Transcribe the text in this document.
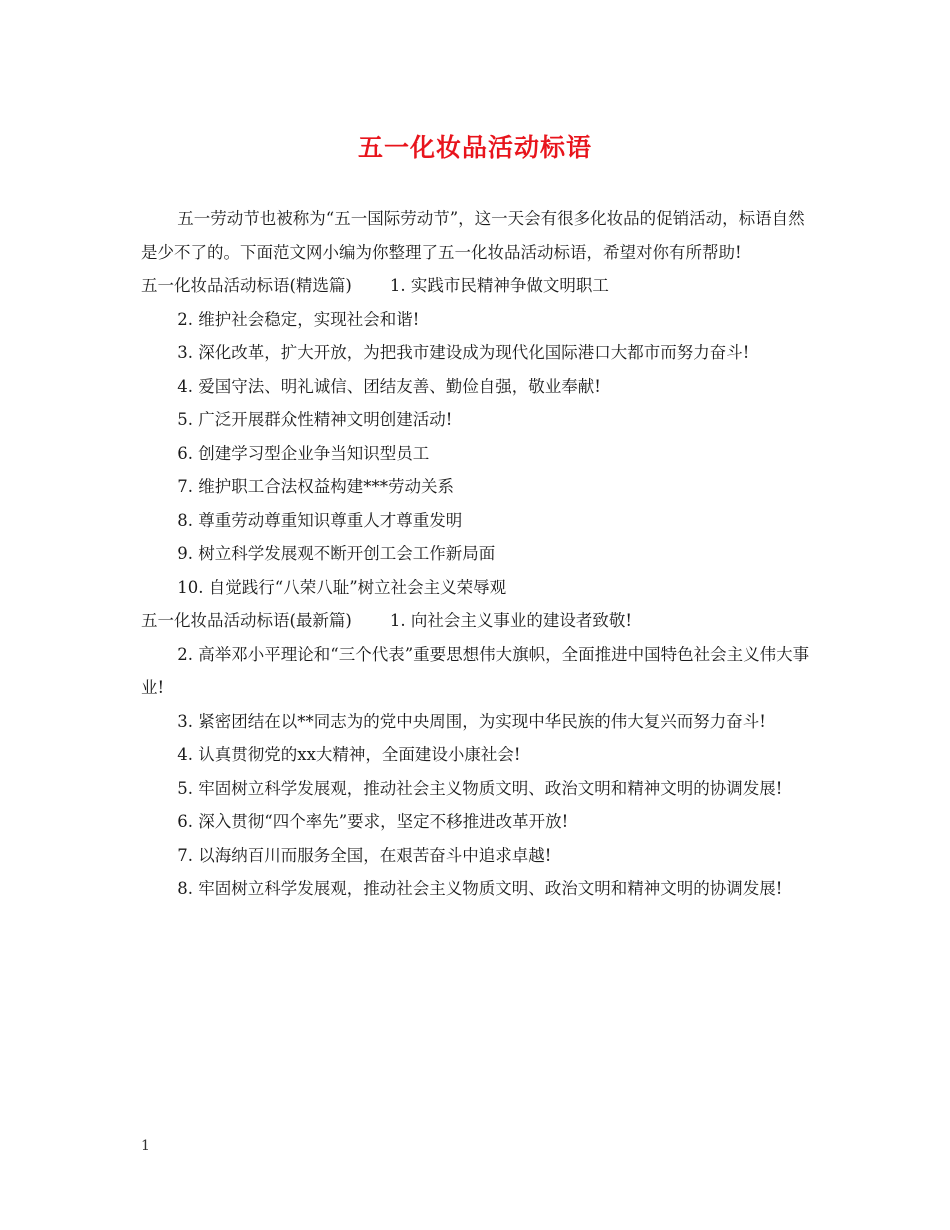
五一化妆品活动标语

五一劳动节也被称为“五一国际劳动节”，这一天会有很多化妆品的促销活动，标语自然是少不了的。下面范文网小编为你整理了五一化妆品活动标语，希望对你有所帮助!

五一化妆品活动标语(精选篇) 1. 实践市民精神争做文明职工

2. 维护社会稳定，实现社会和谐!

3. 深化改革，扩大开放，为把我市建设成为现代化国际港口大都市而努力奋斗!

4. 爱国守法、明礼诚信、团结友善、勤俭自强，敬业奉献!

5. 广泛开展群众性精神文明创建活动!

6. 创建学习型企业争当知识型员工

7. 维护职工合法权益构建***劳动关系

8. 尊重劳动尊重知识尊重人才尊重发明

9. 树立科学发展观不断开创工会工作新局面

10. 自觉践行“八荣八耻”树立社会主义荣辱观

五一化妆品活动标语(最新篇) 1. 向社会主义事业的建设者致敬!

2. 高举邓小平理论和“三个代表”重要思想伟大旗帜，全面推进中国特色社会主义伟大事业!

3. 紧密团结在以**同志为的党中央周围，为实现中华民族的伟大复兴而努力奋斗!

4. 认真贯彻党的xx大精神，全面建设小康社会!

5. 牢固树立科学发展观，推动社会主义物质文明、政治文明和精神文明的协调发展!

6. 深入贯彻“四个率先”要求，坚定不移推进改革开放!

7. 以海纳百川而服务全国，在艰苦奋斗中追求卓越!

8. 牢固树立科学发展观，推动社会主义物质文明、政治文明和精神文明的协调发展!

1
